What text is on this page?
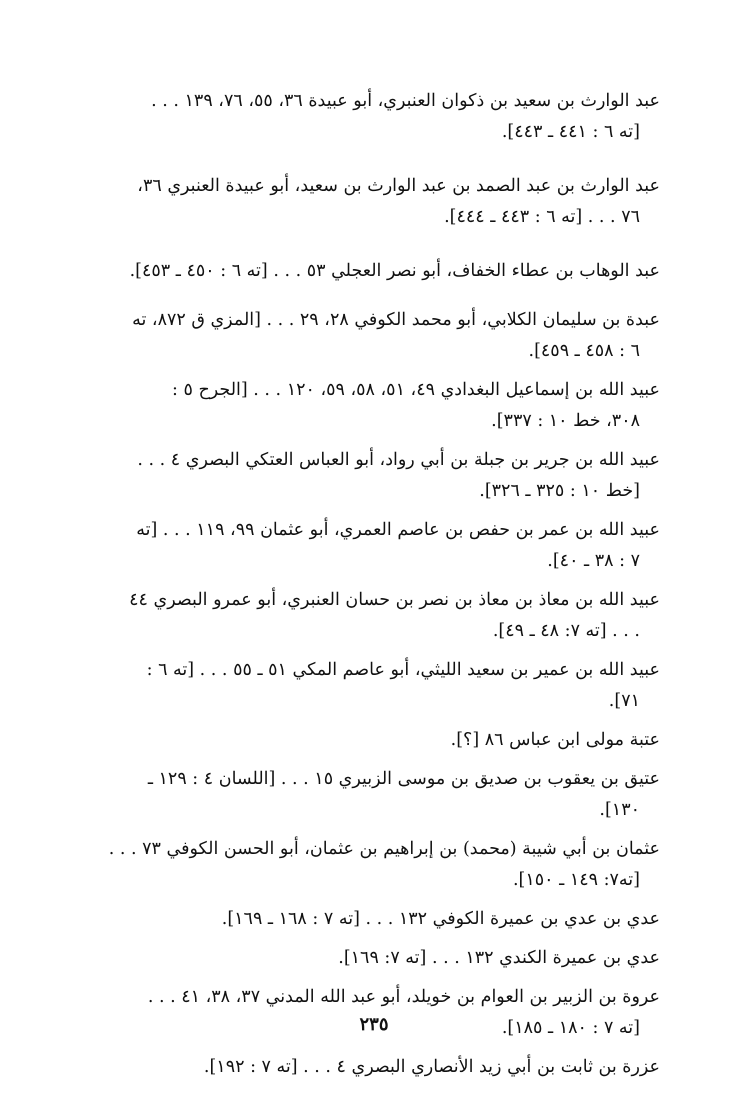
عبد الوارث بن سعيد بن ذكوان العنبري، أبو عبيدة ٣٦، ٥٥، ٧٦، ١٣٩ . . .
[ته ٦ : ٤٤١ ـ ٤٤٣].
عبد الوارث بن عبد الصمد بن عبد الوارث بن سعيد، أبو عبيدة العنبري ٣٦،
٧٦ . . . [ته ٦ : ٤٤٣ ـ ٤٤٤].
عبد الوهاب بن عطاء الخفاف، أبو نصر العجلي ٥٣ . . . [ته ٦ : ٤٥٠ ـ ٤٥٣].
عبدة بن سليمان الكلابي، أبو محمد الكوفي ٢٨، ٢٩ . . . [المزي ق ٨٧٢، ته
٦ : ٤٥٨ ـ ٤٥٩].
عبيد الله بن إسماعيل البغدادي ٤٩، ٥١، ٥٨، ٥٩، ١٢٠ . . . [الجرح ٥ :
٣٠٨، خط ١٠ : ٣٣٧].
عبيد الله بن جرير بن جبلة بن أبي رواد، أبو العباس العتكي البصري ٤ . . .
[خط ١٠ : ٣٢٥ ـ ٣٢٦].
عبيد الله بن عمر بن حفص بن عاصم العمري، أبو عثمان ٩٩، ١١٩ . . . [ته
٧ : ٣٨ ـ ٤٠].
عبيد الله بن معاذ بن معاذ بن نصر بن حسان العنبري، أبو عمرو البصري ٤٤
. . . [ته ٧: ٤٨ ـ ٤٩].
عبيد الله بن عمير بن سعيد الليثي، أبو عاصم المكي ٥١ ـ ٥٥ . . . [ته ٦ :
٧١].
عتبة مولى ابن عباس ٨٦ [؟].
عتيق بن يعقوب بن صديق بن موسى الزبيري ١٥ . . . [اللسان ٤ : ١٢٩ ـ
١٣٠].
عثمان بن أبي شيبة (محمد) بن إبراهيم بن عثمان، أبو الحسن الكوفي ٧٣ . . .
[ته٧: ١٤٩ ـ ١٥٠].
عدي بن عدي بن عميرة الكوفي ١٣٢ . . . [ته ٧ : ١٦٨ ـ ١٦٩].
عدي بن عميرة الكندي ١٣٢ . . . [ته ٧: ١٦٩].
عروة بن الزبير بن العوام بن خويلد، أبو عبد الله المدني ٣٧، ٣٨، ٤١ . . .
[ته ٧ : ١٨٠ ـ ١٨٥].
عزرة بن ثابت بن أبي زيد الأنصاري البصري ٤ . . . [ته ٧ : ١٩٢].
٢٣٥
